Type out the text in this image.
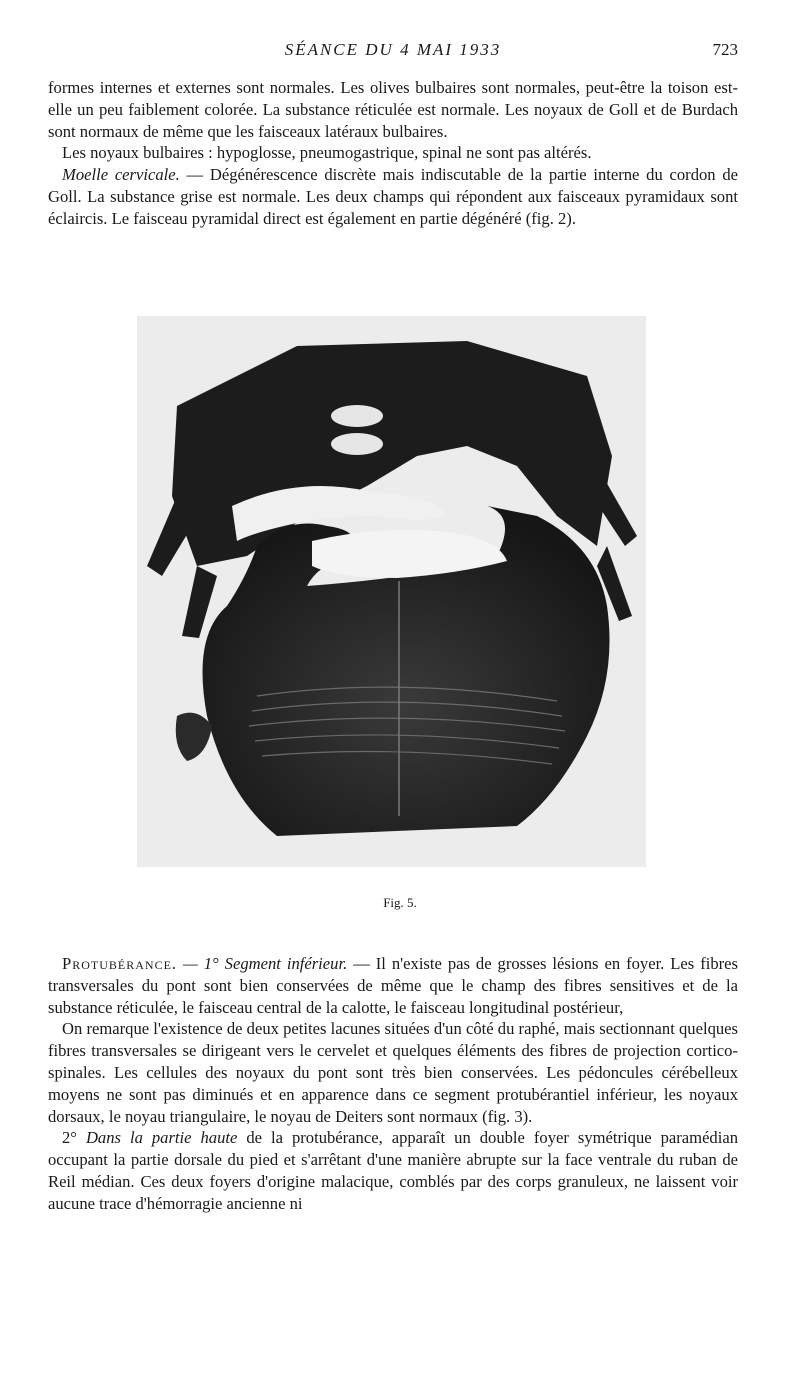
SÉANCE DU 4 MAI 1933	723

formes internes et externes sont normales. Les olives bulbaires sont normales, peut-être la toison est-elle un peu faiblement colorée. La substance réticulée est normale. Les noyaux de Goll et de Burdach sont normaux de même que les faisceaux latéraux bulbaires.

Les noyaux bulbaires : hypoglosse, pneumogastrique, spinal ne sont pas altérés.

Moelle cervicale. — Dégénérescence discrète mais indiscutable de la partie interne du cordon de Goll. La substance grise est normale. Les deux champs qui répondent aux faisceaux pyramidaux sont éclaircis. Le faisceau pyramidal direct est également en partie dégénéré (fig. 2).

Fig. 5.

Protubérance. — 1° Segment inférieur. — Il n'existe pas de grosses lésions en foyer. Les fibres transversales du pont sont bien conservées de même que le champ des fibres sensitives et de la substance réticulée, le faisceau central de la calotte, le faisceau longitudinal postérieur,

On remarque l'existence de deux petites lacunes situées d'un côté du raphé, mais sectionnant quelques fibres transversales se dirigeant vers le cervelet et quelques éléments des fibres de projection cortico-spinales. Les cellules des noyaux du pont sont très bien conservées. Les pédoncules cérébelleux moyens ne sont pas diminués et en apparence dans ce segment protubérantiel inférieur, les noyaux dorsaux, le noyau triangulaire, le noyau de Deiters sont normaux (fig. 3).

2° Dans la partie haute de la protubérance, apparaît un double foyer symétrique paramédian occupant la partie dorsale du pied et s'arrêtant d'une manière abrupte sur la face ventrale du ruban de Reil médian. Ces deux foyers d'origine malacique, comblés par des corps granuleux, ne laissent voir aucune trace d'hémorragie ancienne ni
